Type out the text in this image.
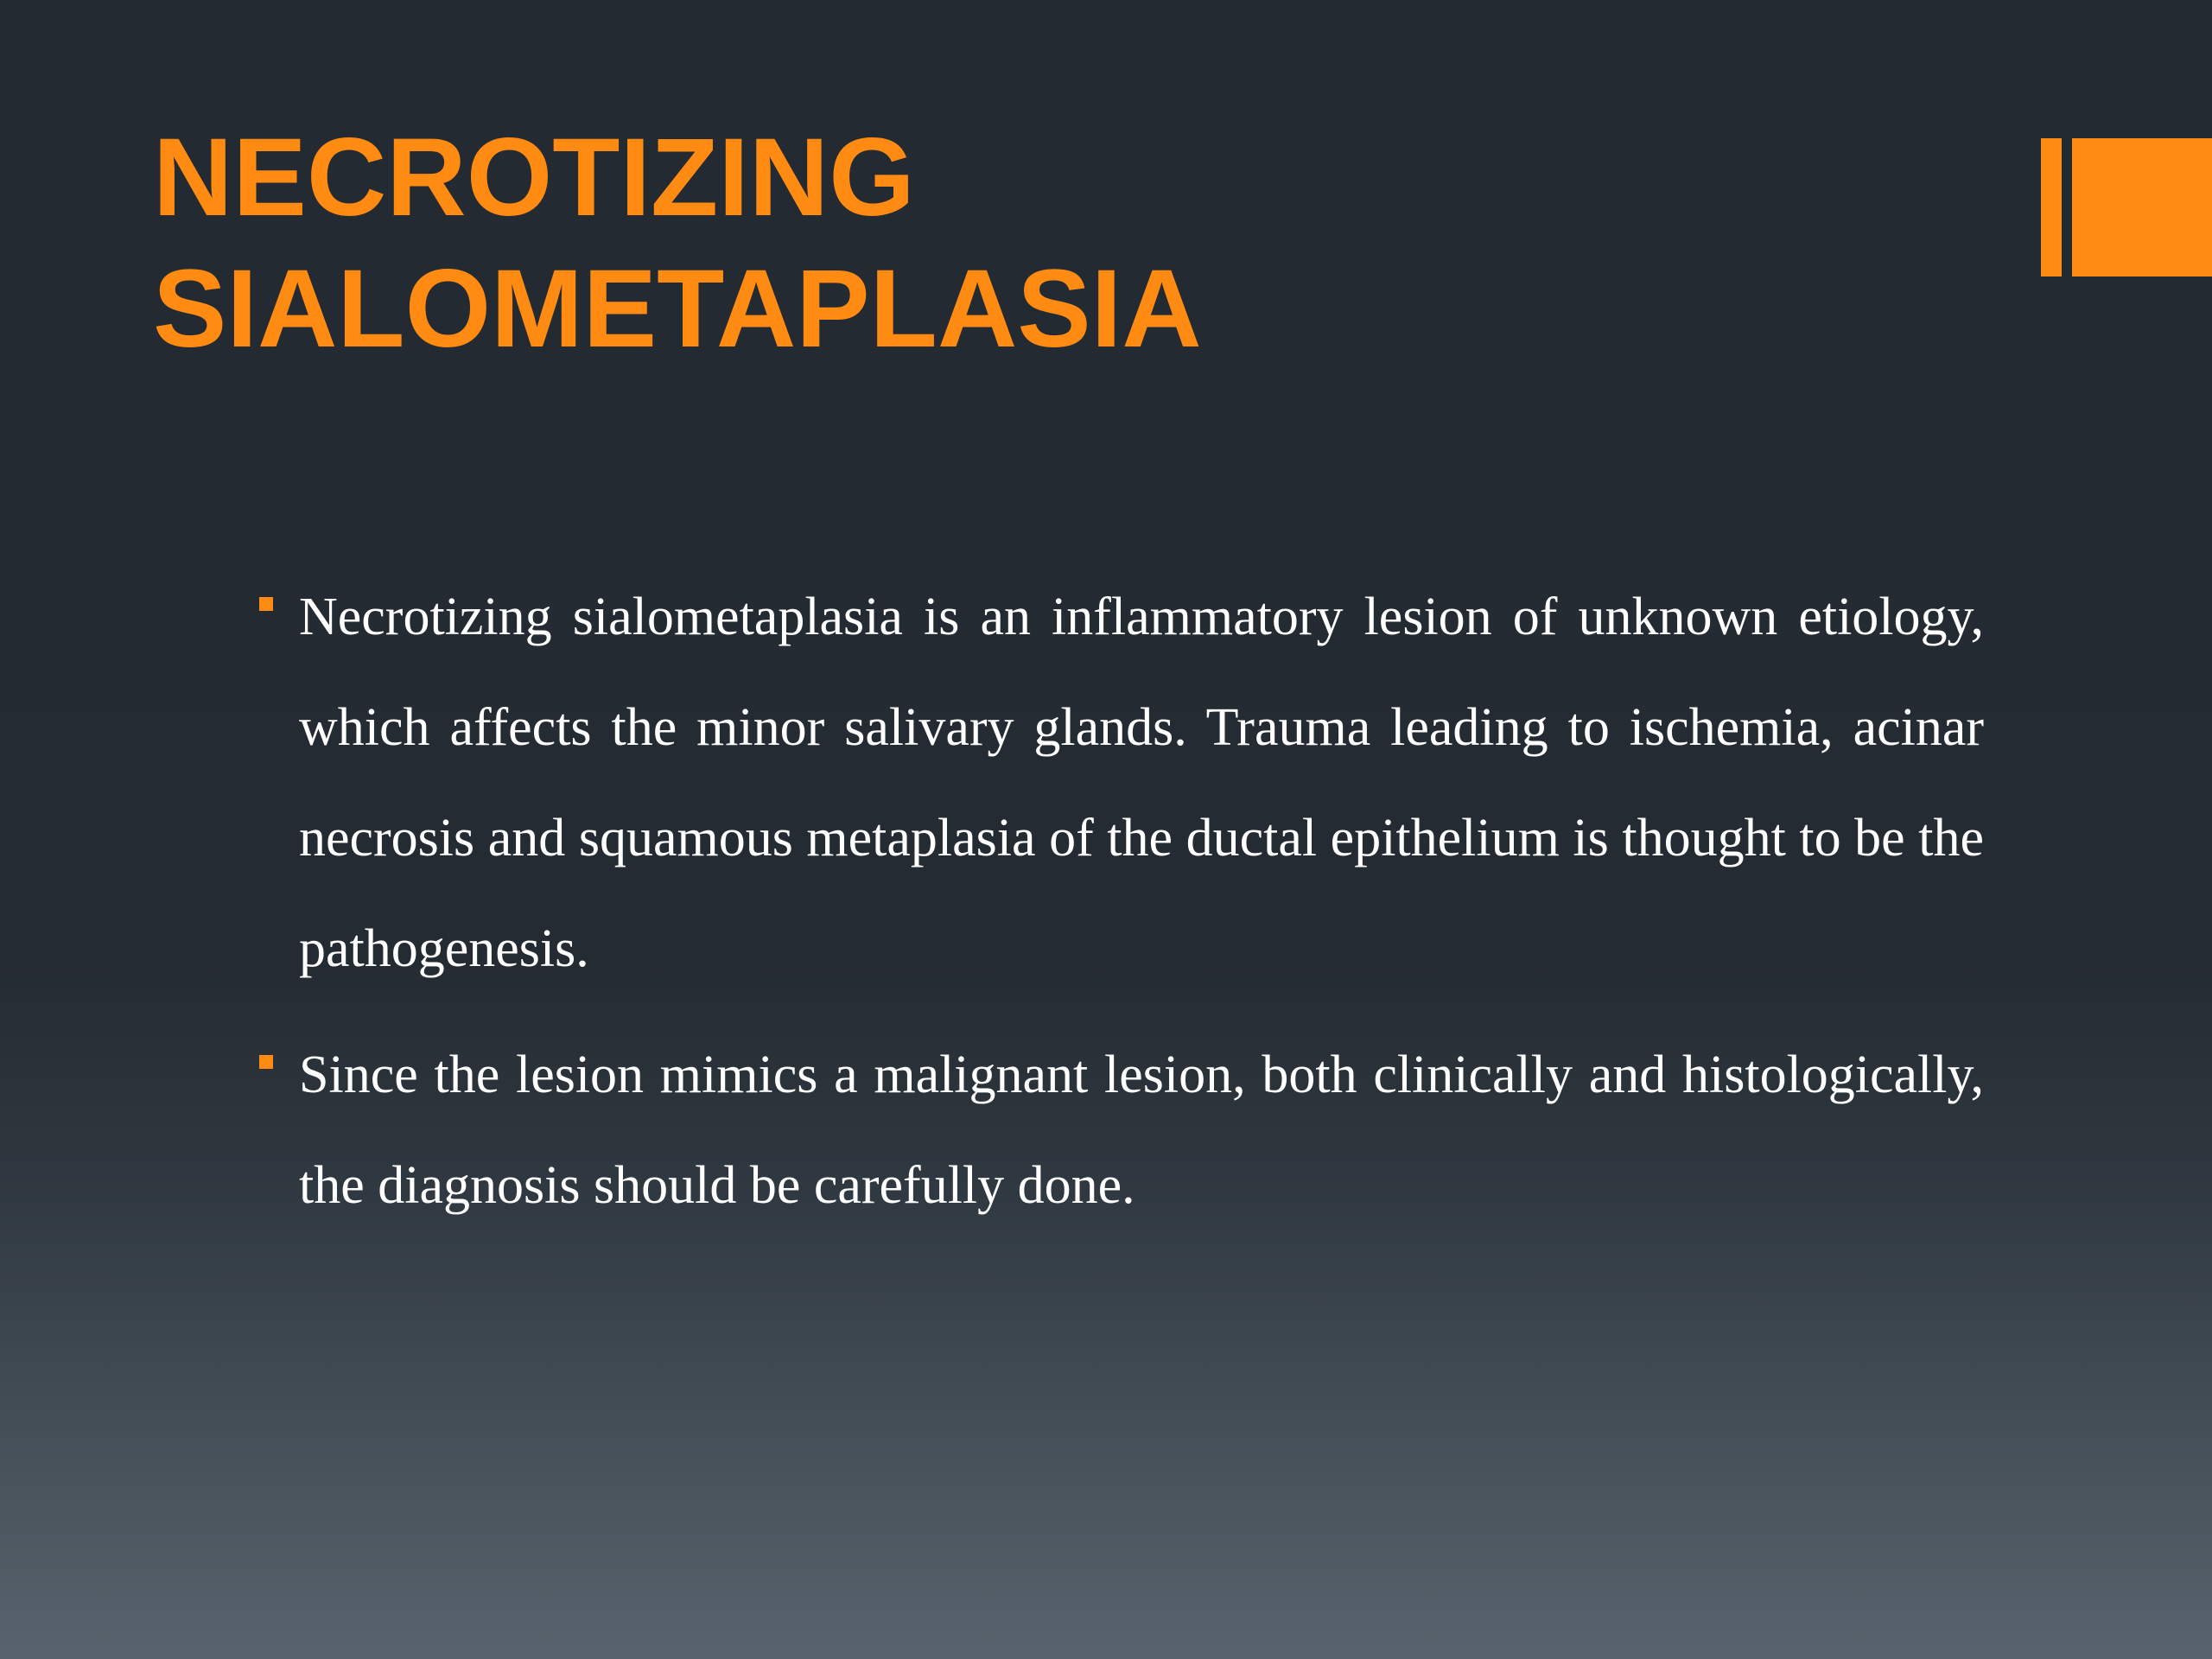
NECROTIZING
SIALOMETAPLASIA
Necrotizing sialometaplasia is an inflammatory lesion of unknown etiology, which affects the minor salivary glands. Trauma leading to ischemia, acinar necrosis and squamous metaplasia of the ductal epithelium is thought to be the pathogenesis.
Since the lesion mimics a malignant lesion, both clinically and histologically, the diagnosis should be carefully done.
